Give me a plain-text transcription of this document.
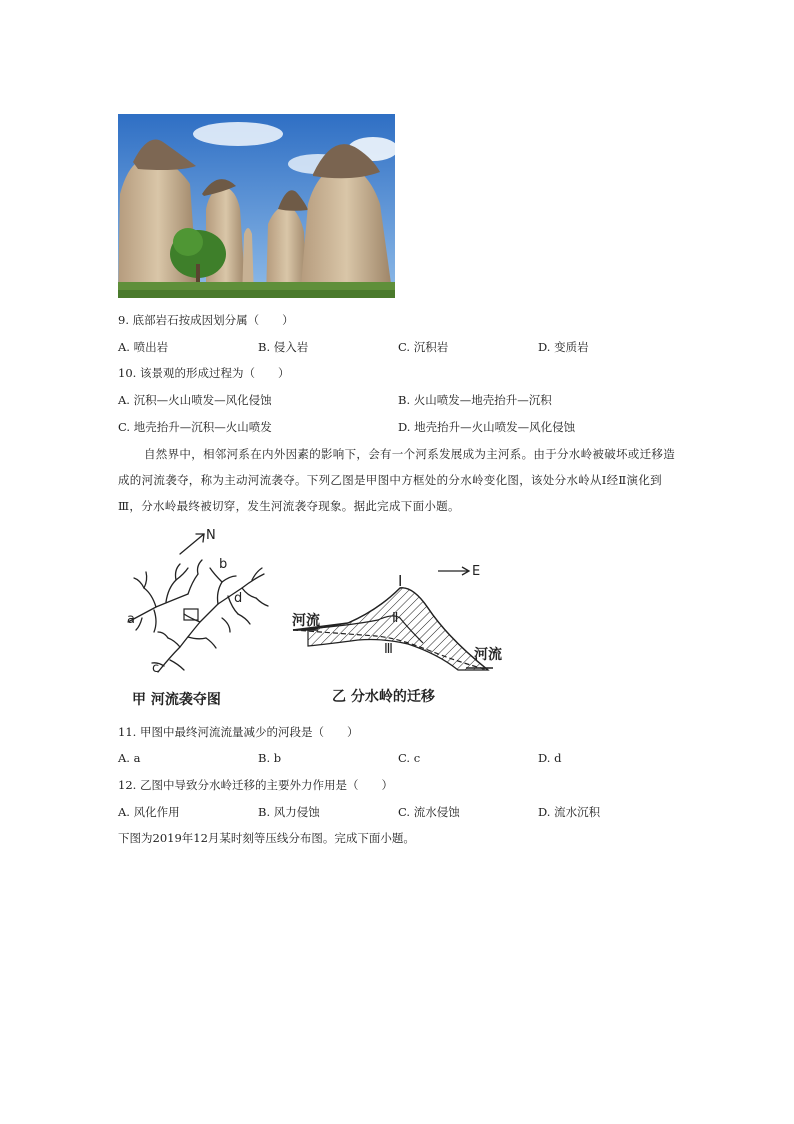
9. 底部岩石按成因划分属（　　）
A. 喷出岩	B. 侵入岩	C. 沉积岩	D. 变质岩
10. 该景观的形成过程为（　　）
A. 沉积—火山喷发—风化侵蚀	B. 火山喷发—地壳抬升—沉积
C. 地壳抬升—沉积—火山喷发	D. 地壳抬升—火山喷发—风化侵蚀
自然界中，相邻河系在内外因素的影响下，会有一个河系发展成为主河系。由于分水岭被破坏或迁移造
成的河流袭夺，称为主动河流袭夺。下列乙图是甲图中方框处的分水岭变化图，该处分水岭从Ⅰ经Ⅱ演化到
Ⅲ，分水岭最终被切穿，发生河流袭夺现象。据此完成下面小题。
N
a
b
c
d
甲 河流袭夺图
E
Ⅰ
Ⅱ
Ⅲ
河流
河流
乙 分水岭的迁移
11. 甲图中最终河流流量减少的河段是（　　）
A. a	B. b	C. c	D. d
12. 乙图中导致分水岭迁移的主要外力作用是（　　）
A. 风化作用	B. 风力侵蚀	C. 流水侵蚀	D. 流水沉积
下图为2019年12月某时刻等压线分布图。完成下面小题。
